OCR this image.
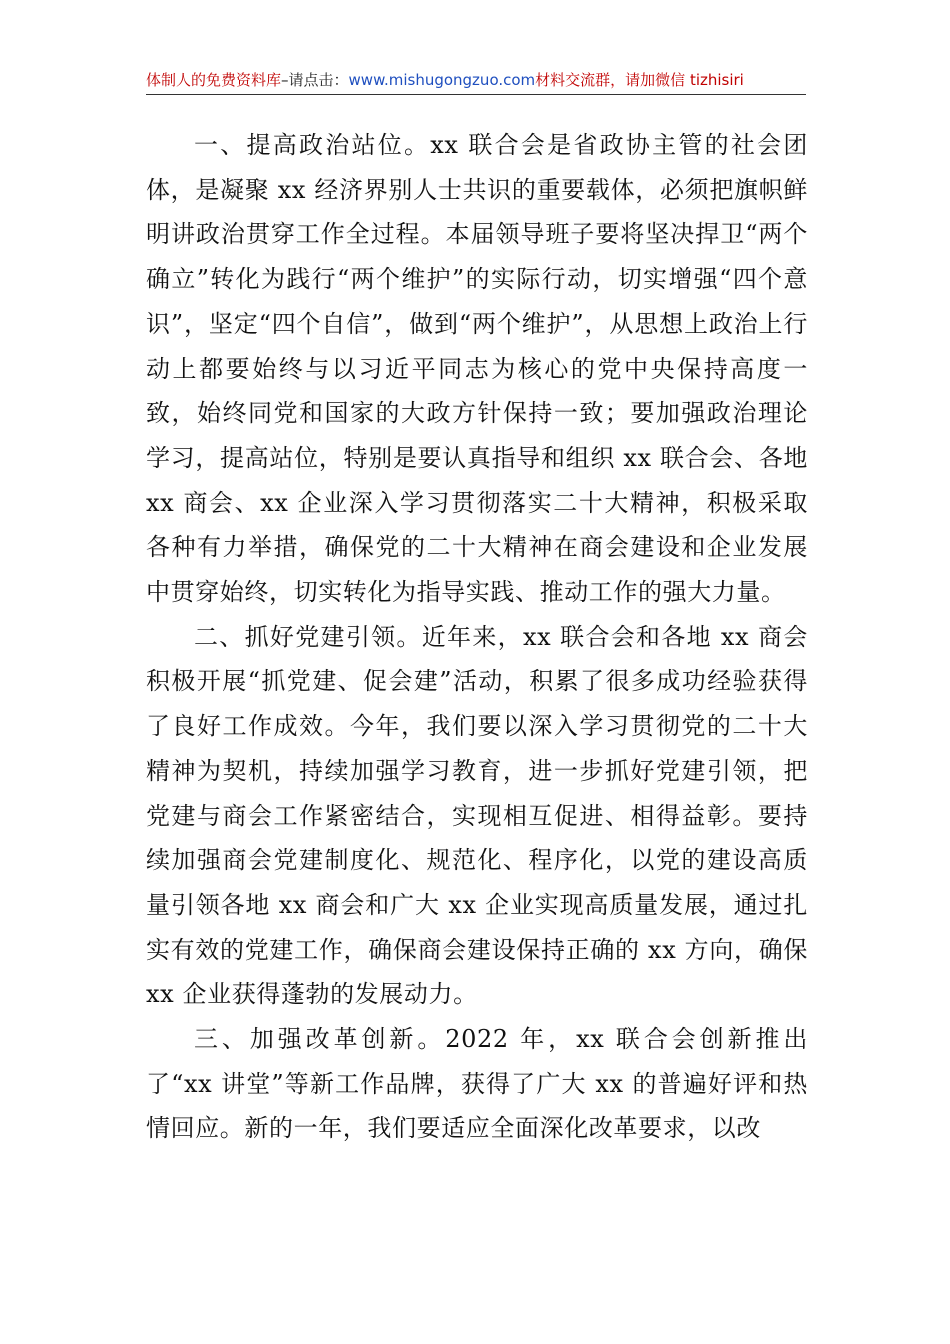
体制人的免费资料库–请点击：www.mishugongzuo.com材料交流群，请加微信 tizhisiri

一、提高政治站位。xx 联合会是省政协主管的社会团体，是凝聚 xx 经济界别人士共识的重要载体，必须把旗帜鲜明讲政治贯穿工作全过程。本届领导班子要将坚决捍卫“两个确立”转化为践行“两个维护”的实际行动，切实增强“四个意识”，坚定“四个自信”，做到“两个维护”，从思想上政治上行动上都要始终与以习近平同志为核心的党中央保持高度一致，始终同党和国家的大政方针保持一致；要加强政治理论学习，提高站位，特别是要认真指导和组织 xx 联合会、各地 xx 商会、xx 企业深入学习贯彻落实二十大精神，积极采取各种有力举措，确保党的二十大精神在商会建设和企业发展中贯穿始终，切实转化为指导实践、推动工作的强大力量。

二、抓好党建引领。近年来，xx 联合会和各地 xx 商会积极开展“抓党建、促会建”活动，积累了很多成功经验获得了良好工作成效。今年，我们要以深入学习贯彻党的二十大精神为契机，持续加强学习教育，进一步抓好党建引领，把党建与商会工作紧密结合，实现相互促进、相得益彰。要持续加强商会党建制度化、规范化、程序化，以党的建设高质量引领各地 xx 商会和广大 xx 企业实现高质量发展，通过扎实有效的党建工作，确保商会建设保持正确的 xx 方向，确保 xx 企业获得蓬勃的发展动力。

三、加强改革创新。2022 年，xx 联合会创新推出了“xx 讲堂”等新工作品牌，获得了广大 xx 的普遍好评和热情回应。新的一年，我们要适应全面深化改革要求，以改
